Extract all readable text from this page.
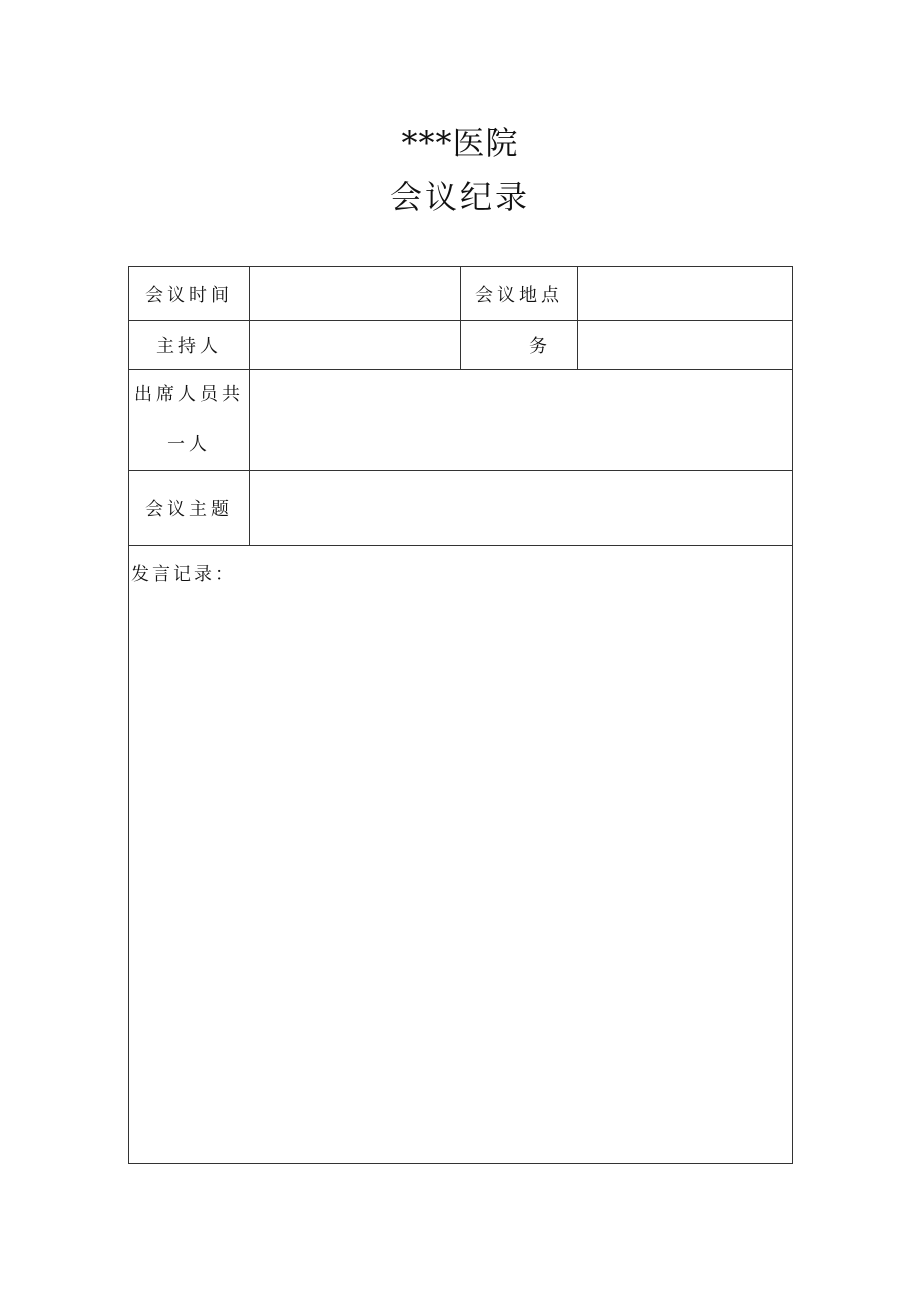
***医院
会议纪录
会议时间		会议地点	
主持人		务	

出席人员共
一人			

会议主题			
发言记录：			
